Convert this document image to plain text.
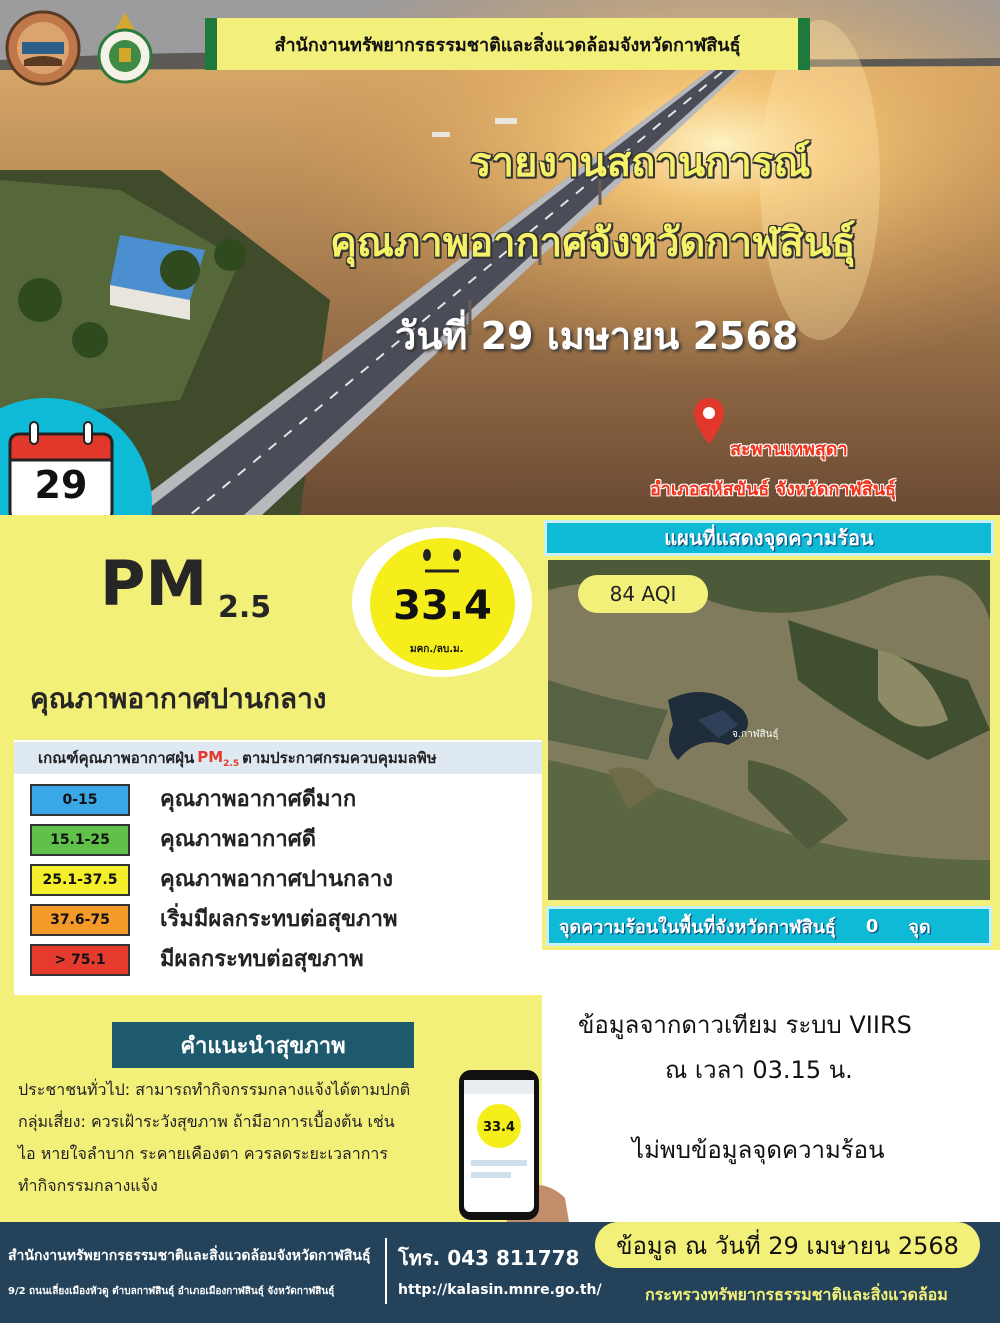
สำนักงานทรัพยากรธรรมชาติและสิ่งแวดล้อมจังหวัดกาฬสินธุ์
รายงานสถานการณ์
คุณภาพอากาศจังหวัดกาฬสินธุ์
วันที่ 29 เมษายน 2568
สะพานเทพสุดา
อำเภอสหัสขันธ์ จังหวัดกาฬสินธุ์
29
PM 2.5	33.4
มคก./ลบ.ม.
คุณภาพอากาศปานกลาง
เกณฑ์คุณภาพอากาศฝุ่น $PM_{2.5}$ ตามประกาศกรมควบคุมมลพิษ
0-15	คุณภาพอากาศดีมาก
15.1-25	คุณภาพอากาศดี
25.1-37.5	คุณภาพอากาศปานกลาง
37.6-75	เริ่มมีผลกระทบต่อสุขภาพ
> 75.1	มีผลกระทบต่อสุขภาพ
แผนที่แสดงจุดความร้อน
84 AQI
จ.กาฬสินธุ์
จุดความร้อนในพื้นที่จังหวัดกาฬสินธุ์ 0 จุด
ข้อมูลจากดาวเทียม ระบบ VIIRS
ณ เวลา 03.15 น.
ไม่พบข้อมูลจุดความร้อน
คำแนะนำสุขภาพ
ประชาชนทั่วไป: สามารถทำกิจกรรมกลางแจ้งได้ตามปกติ
กลุ่มเสี่ยง: ควรเฝ้าระวังสุขภาพ ถ้ามีอาการเบื้องต้น เช่น
ไอ หายใจลำบาก ระคายเคืองตา ควรลดระยะเวลาการ
ทำกิจกรรมกลางแจ้ง
33.4
สำนักงานทรัพยากรธรรมชาติและสิ่งแวดล้อมจังหวัดกาฬสินธุ์
9/2 ถนนเลี่ยงเมืองหัวดู ตำบลกาฬสินธุ์ อำเภอเมืองกาฬสินธุ์ จังหวัดกาฬสินธุ์
โทร. 043 811778
http://kalasin.mnre.go.th/
ข้อมูล ณ วันที่ 29 เมษายน 2568
กระทรวงทรัพยากรธรรมชาติและสิ่งแวดล้อม
